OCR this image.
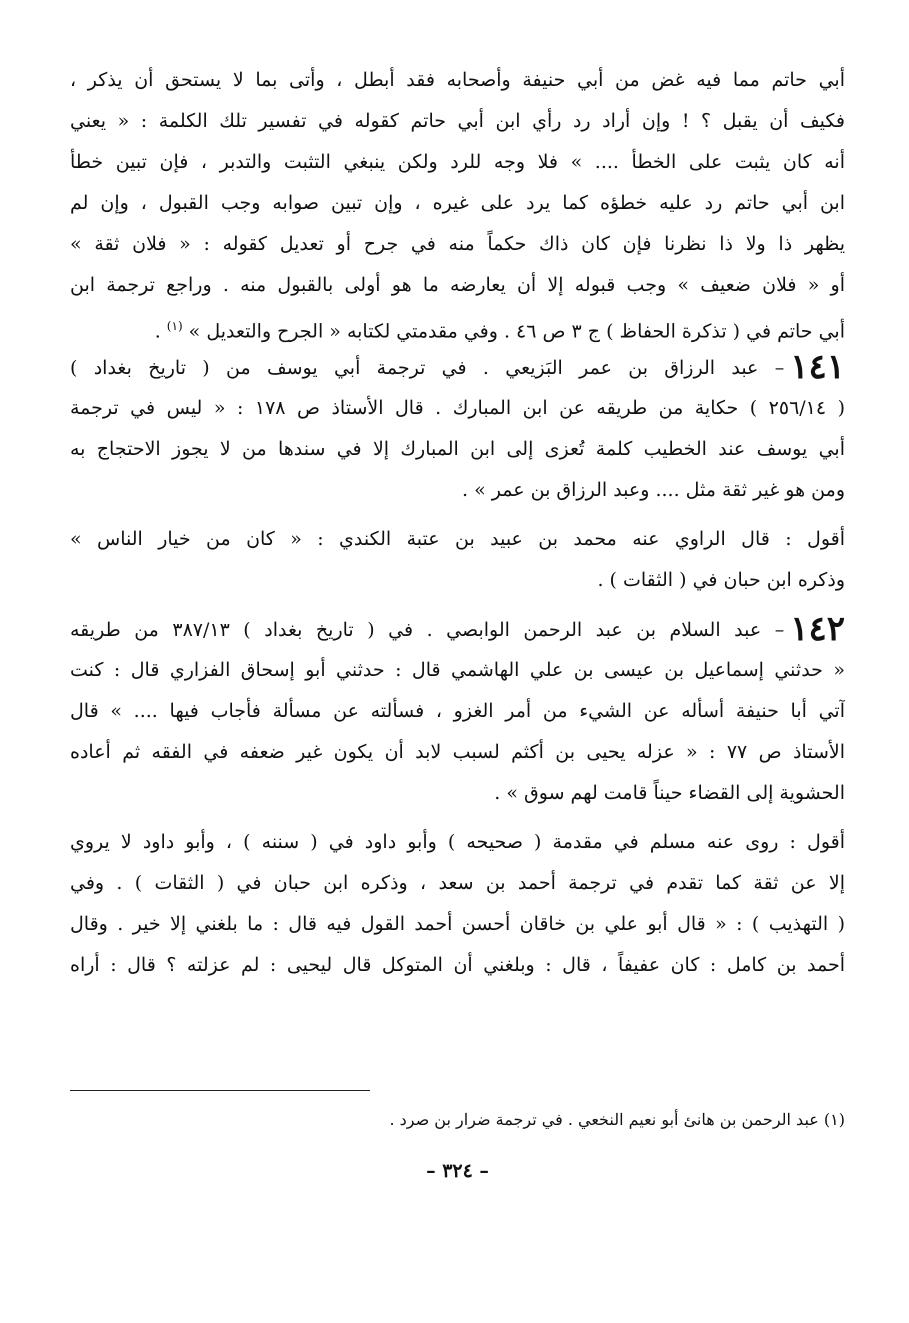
أبي حاتم مما فيه غض من أبي حنيفة وأصحابه فقد أبطل ، وأتى بما لا يستحق أن يذكر ،
فكيف أن يقبل ؟ ! وإن أراد رد رأي ابن أبي حاتم كقوله في تفسير تلك الكلمة : « يعني
أنه كان يثبت على الخطأ .... » فلا وجه للرد ولكن ينبغي التثبت والتدبر ، فإن تبين خطأ
ابن أبي حاتم رد عليه خطؤه كما يرد على غيره ، وإن تبين صوابه وجب القبول ، وإن لم
يظهر ذا ولا ذا نظرنا فإن كان ذاك حكماً منه في جرح أو تعديل كقوله : « فلان ثقة »
أو « فلان ضعيف » وجب قبوله إلا أن يعارضه ما هو أولى بالقبول منه . وراجع ترجمة ابن
أبي حاتم في ( تذكرة الحفاظ ) ج ٣ ص ٤٦ . وفي مقدمتي لكتابه « الجرح والتعديل » $^{(١)}$ .
١٤١– عبد الرزاق بن عمر البَزيعي . في ترجمة أبي يوسف من ( تاريخ بغداد )
( ٢٥٦/١٤ ) حكاية من طريقه عن ابن المبارك . قال الأستاذ ص ١٧٨ : « ليس في ترجمة
أبي يوسف عند الخطيب كلمة تُعزى إلى ابن المبارك إلا في سندها من لا يجوز الاحتجاج به
ومن هو غير ثقة مثل .... وعبد الرزاق بن عمر » .
أقول : قال الراوي عنه محمد بن عبيد بن عتبة الكندي : « كان من خيار الناس »
وذكره ابن حبان في ( الثقات ) .
١٤٢– عبد السلام بن عبد الرحمن الوابصي . في ( تاريخ بغداد ) ٣٨٧/١٣ من طريقه
« حدثني إسماعيل بن عيسى بن علي الهاشمي قال : حدثني أبو إسحاق الفزاري قال : كنت
آتي أبا حنيفة أسأله عن الشيء من أمر الغزو ، فسألته عن مسألة فأجاب فيها .... » قال
الأستاذ ص ٧٧ : « عزله يحيى بن أكثم لسبب لابد أن يكون غير ضعفه في الفقه ثم أعاده
الحشوية إلى القضاء حيناً قامت لهم سوق » .
أقول : روى عنه مسلم في مقدمة ( صحيحه ) وأبو داود في ( سننه ) ، وأبو داود لا يروي
إلا عن ثقة كما تقدم في ترجمة أحمد بن سعد ، وذكره ابن حبان في ( الثقات ) . وفي
( التهذيب ) : « قال أبو علي بن خاقان أحسن أحمد القول فيه قال : ما بلغني إلا خير . وقال
أحمد بن كامل : كان عفيفاً ، قال : وبلغني أن المتوكل قال ليحيى : لم عزلته ؟ قال : أراه
(١) عبد الرحمن بن هانئ أبو نعيم النخعي . في ترجمة ضرار بن صرد .
– ٣٢٤ –
